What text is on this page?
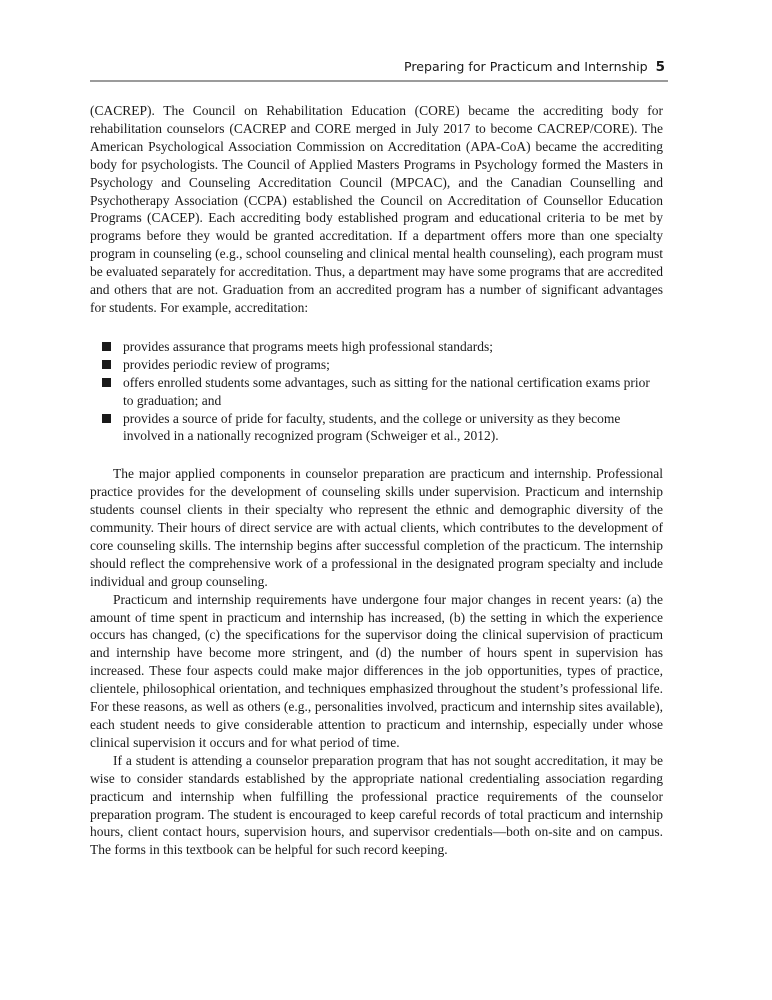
Preparing for Practicum and Internship 5

(CACREP). The Council on Rehabilitation Education (CORE) became the accrediting body for rehabilitation counselors (CACREP and CORE merged in July 2017 to become CACREP/CORE). The American Psychological Association Commission on Accreditation (APA-CoA) became the accrediting body for psychologists. The Council of Applied Masters Programs in Psychology formed the Masters in Psychology and Counseling Accreditation Council (MPCAC), and the Canadian Counselling and Psychotherapy Association (CCPA) established the Council on Accreditation of Counsellor Education Programs (CACEP). Each accrediting body established program and educational criteria to be met by programs before they would be granted accreditation. If a department offers more than one specialty program in counseling (e.g., school counseling and clinical mental health counseling), each program must be evaluated separately for accreditation. Thus, a department may have some programs that are accredited and others that are not. Graduation from an accredited program has a number of significant advantages for students. For example, accreditation:

provides assurance that programs meets high professional standards;
provides periodic review of programs;
offers enrolled students some advantages, such as sitting for the national certification exams prior to graduation; and
provides a source of pride for faculty, students, and the college or university as they become involved in a nationally recognized program (Schweiger et al., 2012).

The major applied components in counselor preparation are practicum and internship. Professional practice provides for the development of counseling skills under supervision. Practicum and internship students counsel clients in their specialty who represent the ethnic and demographic diversity of the community. Their hours of direct service are with actual clients, which contributes to the development of core counseling skills. The internship begins after successful completion of the practicum. The internship should reflect the comprehensive work of a professional in the designated program specialty and include individual and group counseling.

Practicum and internship requirements have undergone four major changes in recent years: (a) the amount of time spent in practicum and internship has increased, (b) the setting in which the experience occurs has changed, (c) the specifications for the supervisor doing the clinical supervision of practicum and internship have become more stringent, and (d) the number of hours spent in supervision has increased. These four aspects could make major differences in the job opportunities, types of practice, clientele, philosophical orientation, and techniques emphasized throughout the student’s professional life. For these reasons, as well as others (e.g., personalities involved, practicum and internship sites available), each student needs to give considerable attention to practicum and internship, especially under whose clinical supervision it occurs and for what period of time.

If a student is attending a counselor preparation program that has not sought accreditation, it may be wise to consider standards established by the appropriate national credentialing association regarding practicum and internship when fulfilling the professional practice requirements of the counselor preparation program. The student is encouraged to keep careful records of total practicum and internship hours, client contact hours, supervision hours, and supervisor credentials—both on-site and on campus. The forms in this textbook can be helpful for such record keeping.
